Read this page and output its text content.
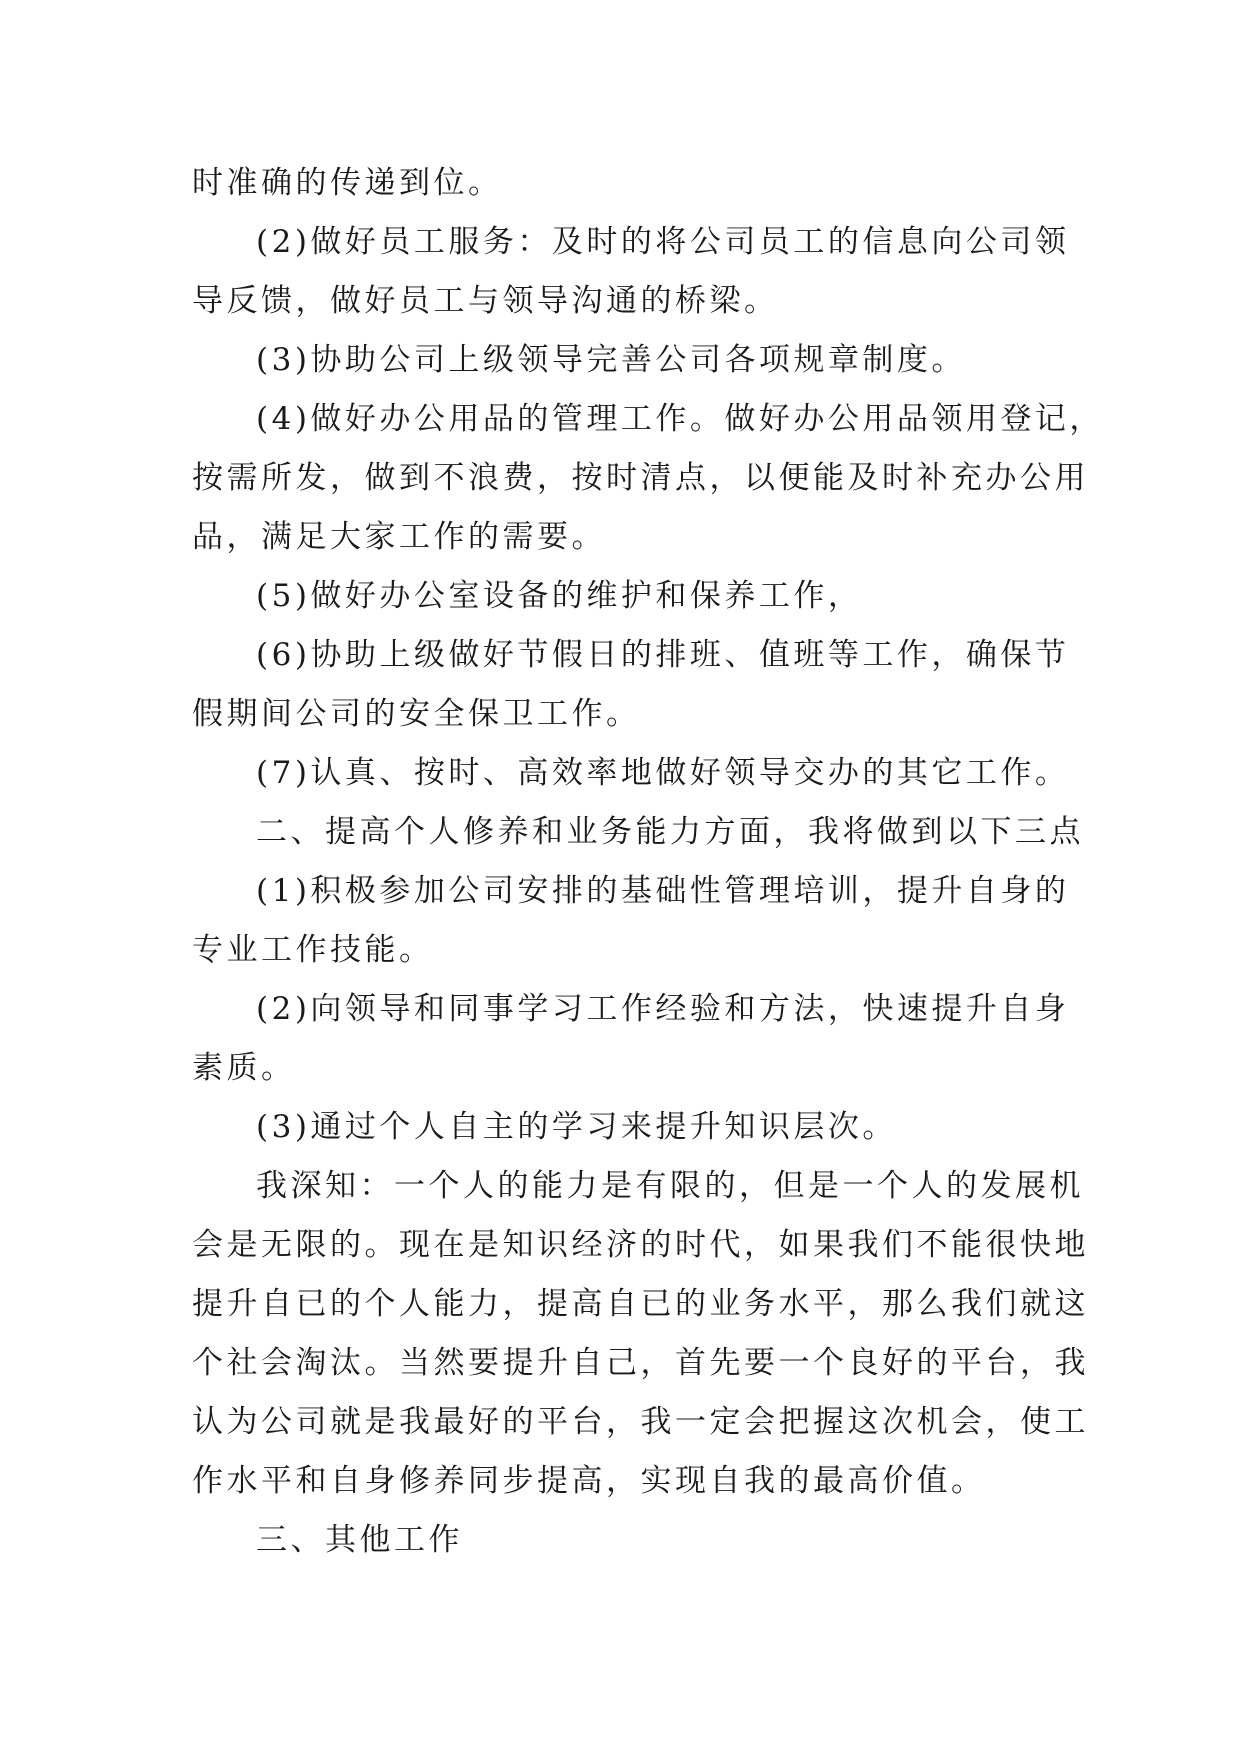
时准确的传递到位。
(2)做好员工服务：及时的将公司员工的信息向公司领
导反馈，做好员工与领导沟通的桥梁。
(3)协助公司上级领导完善公司各项规章制度。
(4)做好办公用品的管理工作。做好办公用品领用登记，
按需所发，做到不浪费，按时清点，以便能及时补充办公用
品，满足大家工作的需要。
(5)做好办公室设备的维护和保养工作，
(6)协助上级做好节假日的排班、值班等工作，确保节
假期间公司的安全保卫工作。
(7)认真、按时、高效率地做好领导交办的其它工作。
二、提高个人修养和业务能力方面，我将做到以下三点
(1)积极参加公司安排的基础性管理培训，提升自身的
专业工作技能。
(2)向领导和同事学习工作经验和方法，快速提升自身
素质。
(3)通过个人自主的学习来提升知识层次。
我深知：一个人的能力是有限的，但是一个人的发展机
会是无限的。现在是知识经济的时代，如果我们不能很快地
提升自已的个人能力，提高自已的业务水平，那么我们就这
个社会淘汰。当然要提升自己，首先要一个良好的平台，我
认为公司就是我最好的平台，我一定会把握这次机会，使工
作水平和自身修养同步提高，实现自我的最高价值。
三、其他工作
